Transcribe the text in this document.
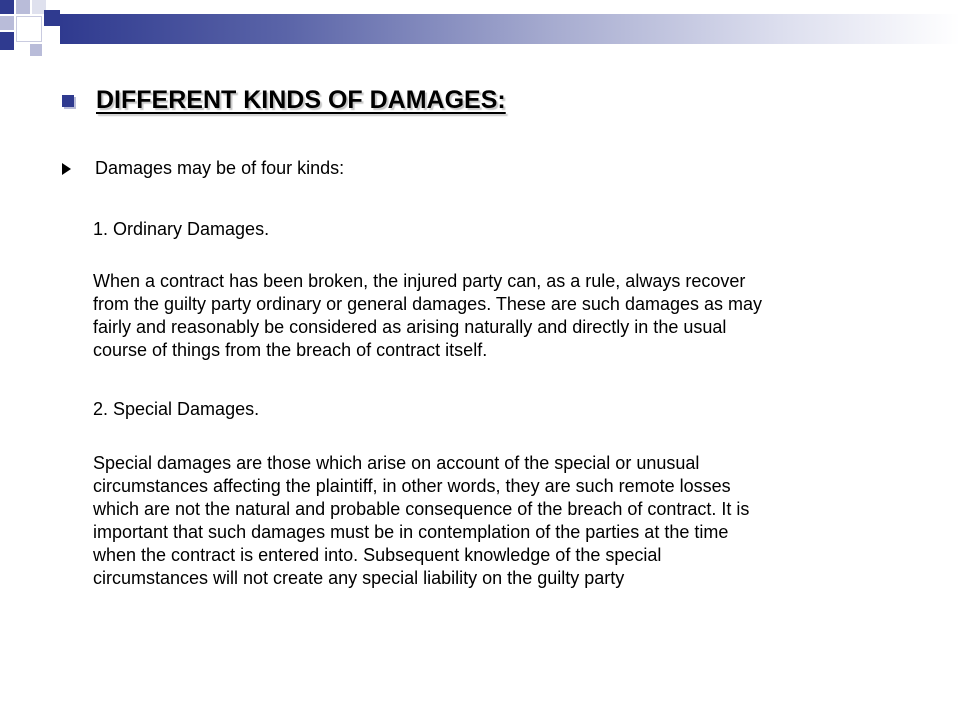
DIFFERENT KINDS OF DAMAGES:
Damages may be of four kinds:
1. Ordinary Damages.
When a contract has been broken, the injured party can, as a rule, always recover
from the guilty party ordinary or general damages. These are such damages as may
fairly and reasonably be considered as arising naturally and directly in the usual
course of things from the breach of contract itself.
2. Special Damages.
Special damages are those which arise on account of the special or unusual
circumstances affecting the plaintiff, in other words, they are such remote losses
which are not the natural and probable consequence of the breach of contract. It is
important that such damages must be in contemplation of the parties at the time
when the contract is entered into. Subsequent knowledge of the special
circumstances will not create any special liability on the guilty party
